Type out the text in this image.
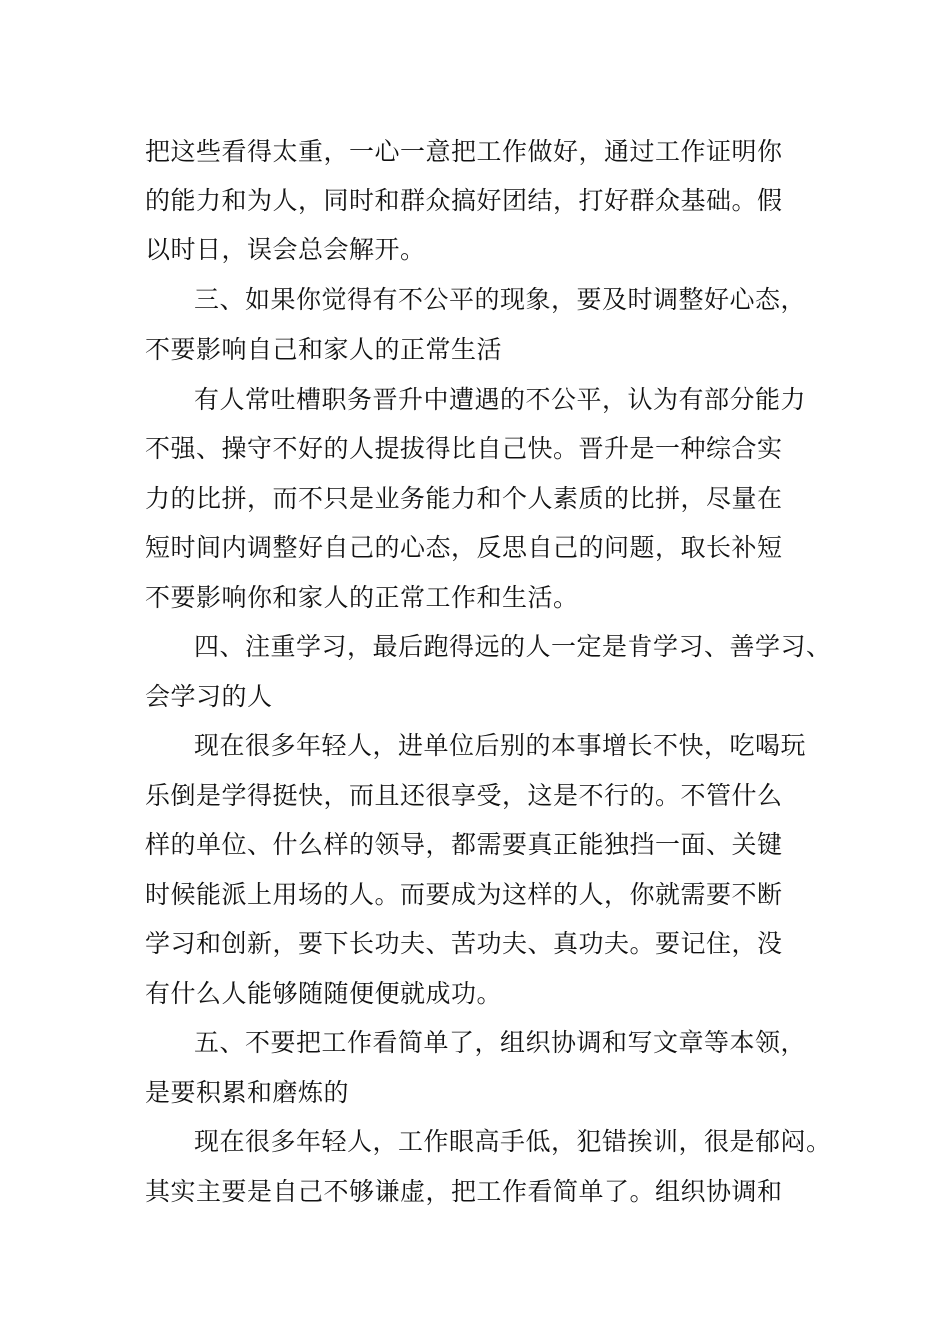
把这些看得太重，一心一意把工作做好，通过工作证明你
的能力和为人，同时和群众搞好团结，打好群众基础。假
以时日，误会总会解开。
三、如果你觉得有不公平的现象，要及时调整好心态，
不要影响自己和家人的正常生活
有人常吐槽职务晋升中遭遇的不公平，认为有部分能力
不强、操守不好的人提拔得比自己快。晋升是一种综合实
力的比拼，而不只是业务能力和个人素质的比拼，尽量在
短时间内调整好自己的心态，反思自己的问题，取长补短
不要影响你和家人的正常工作和生活。
四、注重学习，最后跑得远的人一定是肯学习、善学习、
会学习的人
现在很多年轻人，进单位后别的本事增长不快，吃喝玩
乐倒是学得挺快，而且还很享受，这是不行的。不管什么
样的单位、什么样的领导，都需要真正能独挡一面、关键
时候能派上用场的人。而要成为这样的人，你就需要不断
学习和创新，要下长功夫、苦功夫、真功夫。要记住，没
有什么人能够随随便便就成功。
五、不要把工作看简单了，组织协调和写文章等本领，
是要积累和磨炼的
现在很多年轻人，工作眼高手低，犯错挨训，很是郁闷。
其实主要是自己不够谦虚，把工作看简单了。组织协调和
